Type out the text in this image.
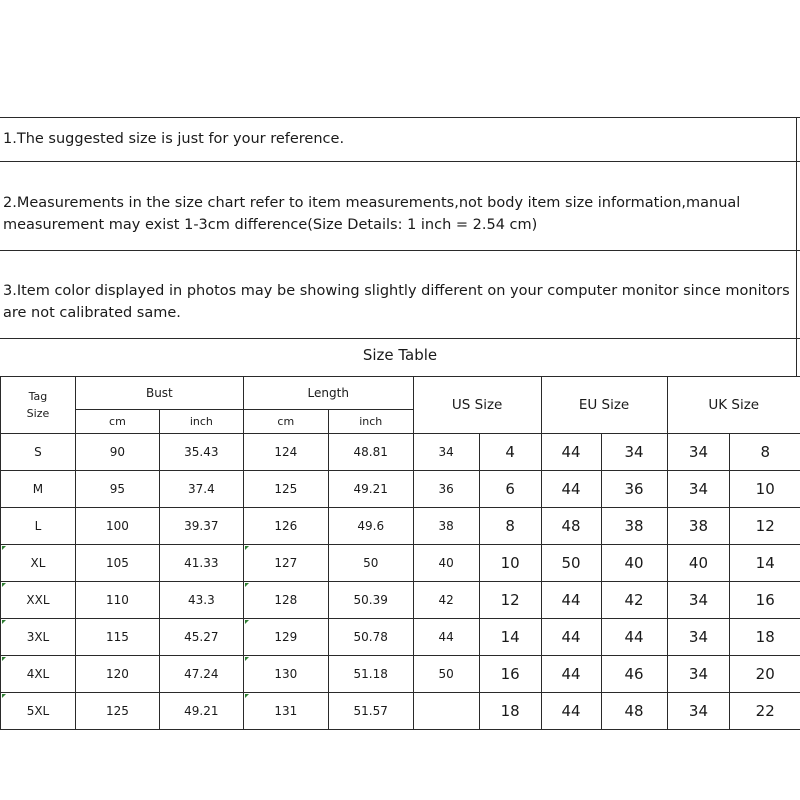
1.The suggested size is just for your reference.
2.Measurements in the size chart refer to item measurements,not body item size information,manual measurement may exist 1-3cm difference(Size Details: 1 inch = 2.54 cm)
3.Item color displayed in photos may be showing slightly different on your computer monitor since monitors are not calibrated same.
Size Table
Tag
Size	Bust		Length		US Size		EU Size		UK Size	
	cm	inch	cm	inch						

S	90	35.43	124	48.81	34	4	44	34	34	8

M	95	37.4	125	49.21	36	6	44	36	34	10

L	100	39.37	126	49.6	38	8	48	38	38	12

XL	105	41.33	127	50	40	10	50	40	40	14

XXL	110	43.3	128	50.39	42	12	44	42	34	16

3XL	115	45.27	129	50.78	44	14	44	44	34	18

4XL	120	47.24	130	51.18	50	16	44	46	34	20

5XL	125	49.21	131	51.57		18	44	48	34	22
